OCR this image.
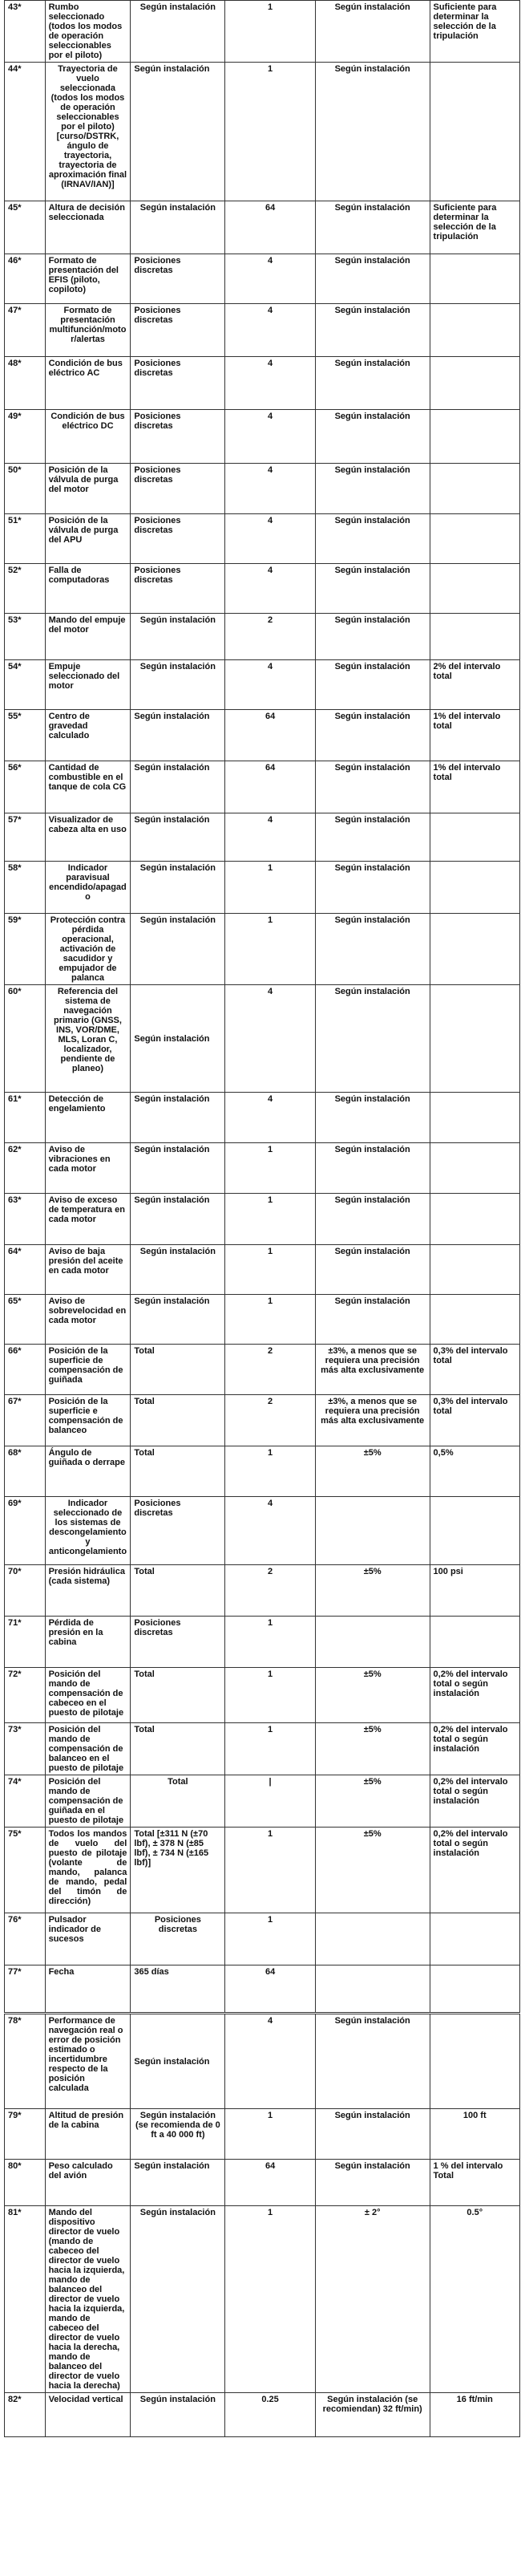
43*	Rumbo seleccionado (todos los modos de operación seleccionables por el piloto)	Según instalación	1	Según instalación	Suficiente para determinar la selección de la tripulación
44*	Trayectoria de vuelo seleccionada (todos los modos de operación seleccionables por el piloto) [curso/DSTRK, ángulo de trayectoria, trayectoria de aproximación final (IRNAV/IAN)]	Según instalación	1	Según instalación	
45*	Altura de decisión seleccionada	Según instalación	64	Según instalación	Suficiente para determinar la selección de la tripulación
46*	Formato de presentación del EFIS (piloto, copiloto)	Posiciones discretas	4	Según instalación	
47*	Formato de presentación multifunción/motor/alertas	Posiciones discretas	4	Según instalación	
48*	Condición de bus eléctrico AC	Posiciones discretas	4	Según instalación	
49*	Condición de bus eléctrico DC	Posiciones discretas	4	Según instalación	
50*	Posición de la válvula de purga del motor	Posiciones discretas	4	Según instalación	
51*	Posición de la válvula de purga del APU	Posiciones discretas	4	Según instalación	
52*	Falla de computadoras	Posiciones discretas	4	Según instalación	
53*	Mando del empuje del motor	Según instalación	2	Según instalación	
54*	Empuje seleccionado del motor	Según instalación	4	Según instalación	2% del intervalo total
55*	Centro de gravedad calculado	Según instalación	64	Según instalación	1% del intervalo total
56*	Cantidad de combustible en el tanque de cola CG	Según instalación	64	Según instalación	1% del intervalo total
57*	Visualizador de cabeza alta en uso	Según instalación	4	Según instalación	
58*	Indicador paravisual encendido/apagado	Según instalación	1	Según instalación	
59*	Protección contra pérdida operacional, activación de sacudidor y empujador de palanca	Según instalación	1	Según instalación	
60*	Referencia del sistema de navegación primario (GNSS, INS, VOR/DME, MLS, Loran C, localizador, pendiente de planeo)	Según instalación	4	Según instalación	
61*	Detección de engelamiento	Según instalación	4	Según instalación	
62*	Aviso de vibraciones en cada motor	Según instalación	1	Según instalación	
63*	Aviso de exceso de temperatura en cada motor	Según instalación	1	Según instalación	
64*	Aviso de baja presión del aceite en cada motor	Según instalación	1	Según instalación	
65*	Aviso de sobrevelocidad en cada motor	Según instalación	1	Según instalación	
66*	Posición de la superficie de compensación de guiñada	Total	2	±3%, a menos que se requiera una precisión más alta exclusivamente	0,3% del intervalo total
67*	Posición de la superficie e compensación de balanceo	Total	2	±3%, a menos que se requiera una precisión más alta exclusivamente	0,3% del intervalo total
68*	Ángulo de guiñada o derrape	Total	1	±5%	0,5%
69*	Indicador seleccionado de los sistemas de descongelamiento y anticongelamiento	Posiciones discretas	4		
70*	Presión hidráulica (cada sistema)	Total	2	±5%	100 psi
71*	Pérdida de presión en la cabina	Posiciones discretas	1		
72*	Posición del mando de compensación de cabeceo en el puesto de pilotaje	Total	1	±5%	0,2% del intervalo total o según instalación
73*	Posición del mando de compensación de balanceo en el puesto de pilotaje	Total	1	±5%	0,2% del intervalo total o según instalación
74*	Posición del mando de compensación de guiñada en el puesto de pilotaje	Total	|	±5%	0,2% del intervalo total o según instalación
75*	Todos los mandos de vuelo del puesto de pilotaje (volante de mando, palanca de mando, pedal del timón de dirección)	Total [±311 N (±70 lbf), ± 378 N (±85 lbf), ± 734 N (±165 lbf)]	1	±5%	0,2% del intervalo total o según instalación
76*	Pulsador indicador de sucesos	Posiciones discretas	1		
77*	Fecha	365 días	64		
78*	Performance de navegación real o error de posición estimado o incertidumbre respecto de la posición calculada	Según instalación	4	Según instalación	
79*	Altitud de presión de la cabina	Según instalación (se recomienda de 0 ft a 40 000 ft)	1	Según instalación	100 ft
80*	Peso calculado del avión	Según instalación	64	Según instalación	1 % del intervalo Total
81*	Mando del dispositivo director de vuelo (mando de cabeceo del director de vuelo hacia la izquierda, mando de balanceo del director de vuelo hacia la izquierda, mando de cabeceo del director de vuelo hacia la derecha, mando de balanceo del director de vuelo hacia la derecha)	Según instalación	1	± 2°	0.5°
82*	Velocidad vertical	Según instalación	0.25	Según instalación (se recomiendan) 32 ft/min)	16 ft/min
